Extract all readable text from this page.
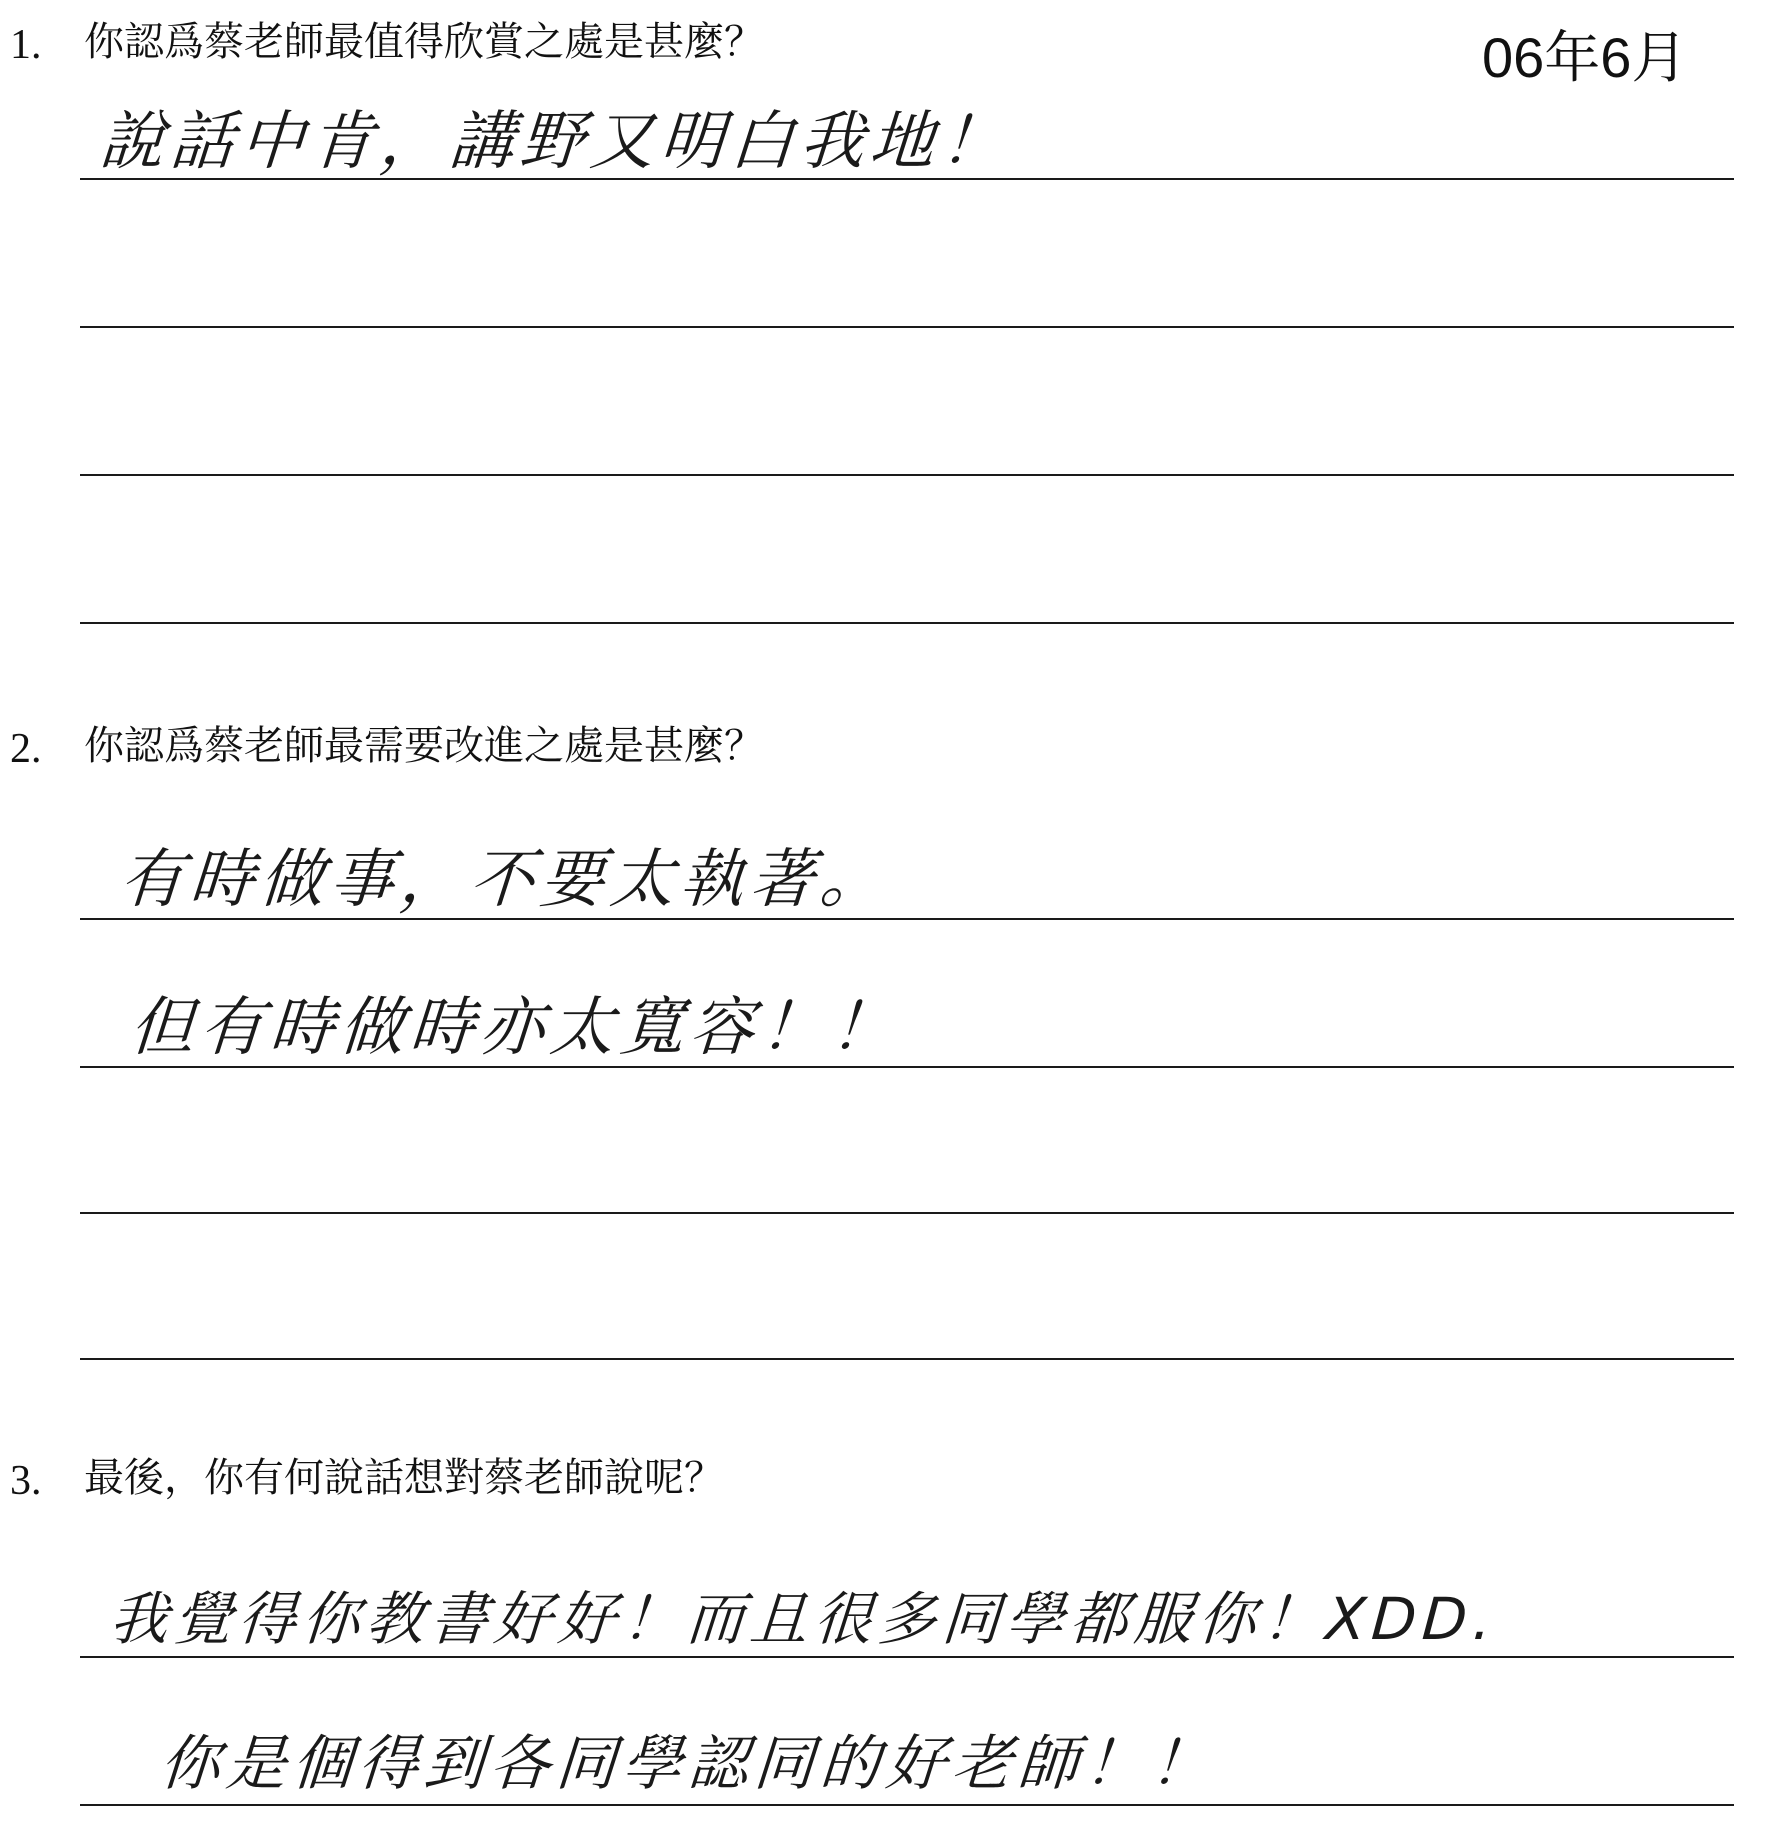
06年6月
1. 你認爲蔡老師最值得欣賞之處是甚麼？
說話中肯，講野又明白我地！
2. 你認爲蔡老師最需要改進之處是甚麼？
有時做事，不要太執著。
但有時做時亦太寬容！！
3. 最後，你有何說話想對蔡老師說呢？
我覺得你教書好好！而且很多同學都服你！XDD.
你是個得到各同學認同的好老師！！
